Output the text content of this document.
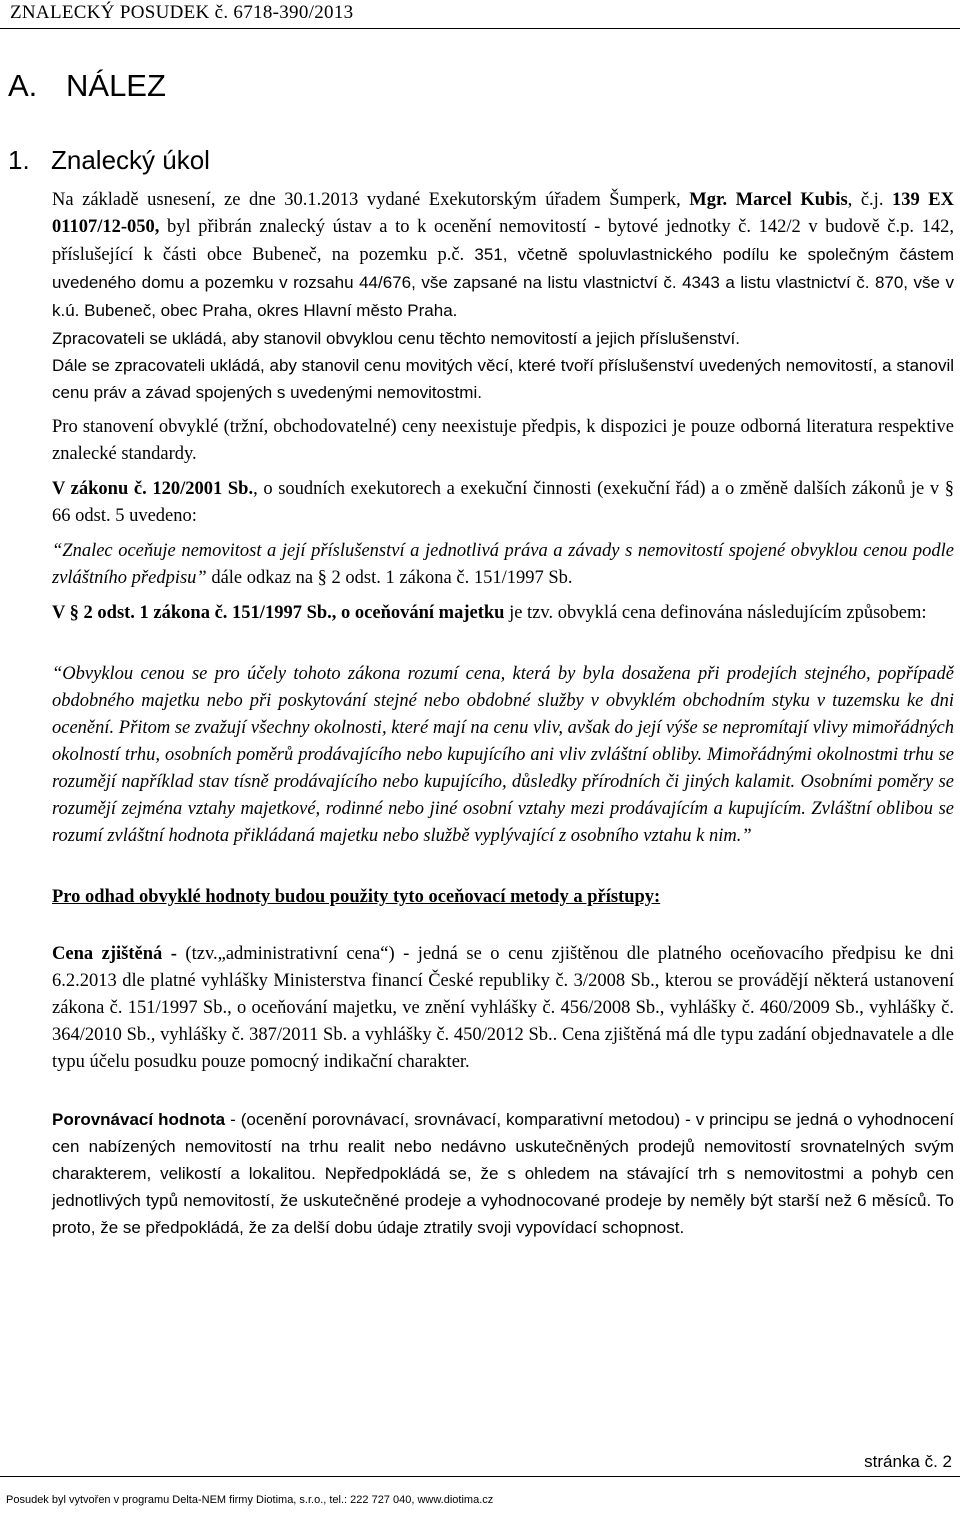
ZNALECKÝ POSUDEK č. 6718-390/2013
A. NÁLEZ
1. Znalecký úkol

Na základě usnesení, ze dne 30.1.2013 vydané Exekutorským úřadem Šumperk, Mgr. Marcel Kubis, č.j. 139 EX 01107/12-050, byl přibrán znalecký ústav a to k ocenění nemovitostí - bytové jednotky č. 142/2 v budově č.p. 142, příslušející k části obce Bubeneč, na pozemku p.č. 351, včetně spoluvlastnického podílu ke společným částem uvedeného domu a pozemku v rozsahu 44/676, vše zapsané na listu vlastnictví č. 4343 a listu vlastnictví č. 870, vše v k.ú. Bubeneč, obec Praha, okres Hlavní město Praha.

Zpracovateli se ukládá, aby stanovil obvyklou cenu těchto nemovitostí a jejich příslušenství.

Dále se zpracovateli ukládá, aby stanovil cenu movitých věcí, které tvoří příslušenství uvedených nemovitostí, a stanovil cenu práv a závad spojených s uvedenými nemovitostmi.

Pro stanovení obvyklé (tržní, obchodovatelné) ceny neexistuje předpis, k dispozici je pouze odborná literatura respektive znalecké standardy.

V zákonu č. 120/2001 Sb., o soudních exekutorech a exekuční činnosti (exekuční řád) a o změně dalších zákonů je v § 66 odst. 5 uvedeno:

“Znalec oceňuje nemovitost a její příslušenství a jednotlivá práva a závady s nemovitostí spojené obvyklou cenou podle zvláštního předpisu” dále odkaz na § 2 odst. 1 zákona č. 151/1997 Sb.

V § 2 odst. 1 zákona č. 151/1997 Sb., o oceňování majetku je tzv. obvyklá cena definována následujícím způsobem:

“Obvyklou cenou se pro účely tohoto zákona rozumí cena, která by byla dosažena při prodejích stejného, popřípadě obdobného majetku nebo při poskytování stejné nebo obdobné služby v obvyklém obchodním styku v tuzemsku ke dni ocenění. Přitom se zvažují všechny okolnosti, které mají na cenu vliv, avšak do její výše se nepromítají vlivy mimořádných okolností trhu, osobních poměrů prodávajícího nebo kupujícího ani vliv zvláštní obliby. Mimořádnými okolnostmi trhu se rozumějí například stav tísně prodávajícího nebo kupujícího, důsledky přírodních či jiných kalamit. Osobními poměry se rozumějí zejména vztahy majetkové, rodinné nebo jiné osobní vztahy mezi prodávajícím a kupujícím. Zvláštní oblibou se rozumí zvláštní hodnota přikládaná majetku nebo službě vyplývající z osobního vztahu k nim.”

Pro odhad obvyklé hodnoty budou použity tyto oceňovací metody a přístupy:

Cena zjištěná - (tzv.„administrativní cena“) - jedná se o cenu zjištěnou dle platného oceňovacího předpisu ke dni 6.2.2013 dle platné vyhlášky Ministerstva financí České republiky č. 3/2008 Sb., kterou se provádějí některá ustanovení zákona č. 151/1997 Sb., o oceňování majetku, ve znění vyhlášky č. 456/2008 Sb., vyhlášky č. 460/2009 Sb., vyhlášky č. 364/2010 Sb., vyhlášky č. 387/2011 Sb. a vyhlášky č. 450/2012 Sb.. Cena zjištěná má dle typu zadání objednavatele a dle typu účelu posudku pouze pomocný indikační charakter.

Porovnávací hodnota - (ocenění porovnávací, srovnávací, komparativní metodou) - v principu se jedná o vyhodnocení cen nabízených nemovitostí na trhu realit nebo nedávno uskutečněných prodejů nemovitostí srovnatelných svým charakterem, velikostí a lokalitou. Nepředpokládá se, že s ohledem na stávající trh s nemovitostmi a pohyb cen jednotlivých typů nemovitostí, že uskutečněné prodeje a vyhodnocované prodeje by neměly být starší než 6 měsíců. To proto, že se předpokládá, že za delší dobu údaje ztratily svoji vypovídací schopnost.

stránka č. 2
Posudek byl vytvořen v programu Delta-NEM firmy Diotima, s.r.o., tel.: 222 727 040, www.diotima.cz
